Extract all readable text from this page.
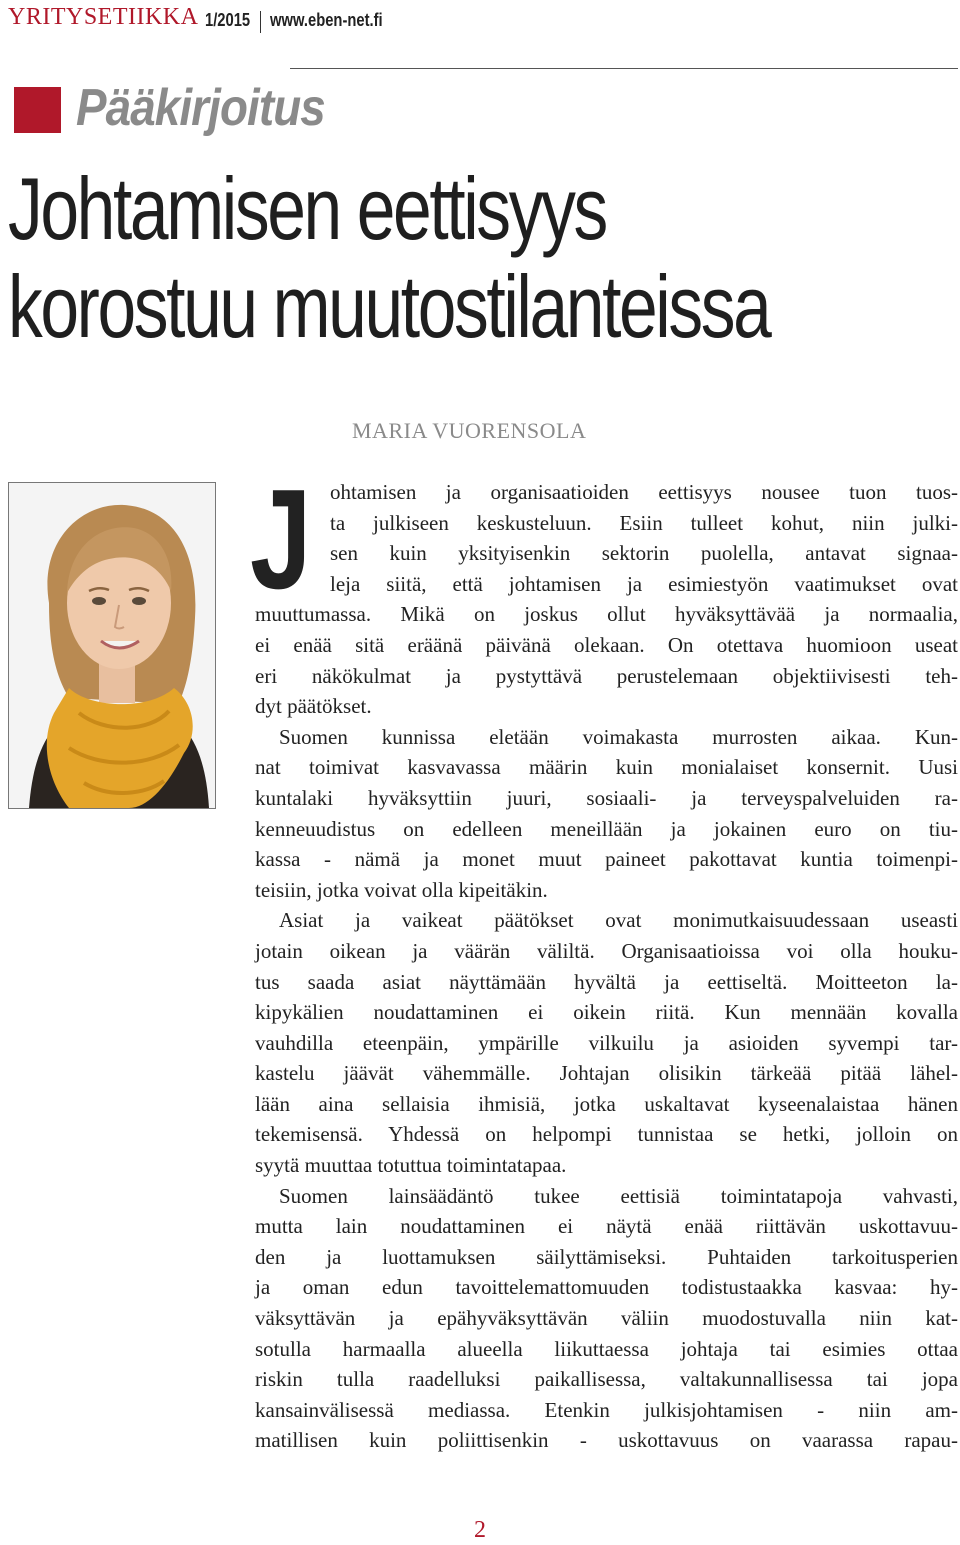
YRITYSETIIKKA 1/2015 www.eben-net.fi
Pääkirjoitus
Johtamisen eettisyys
korostuu muutostilanteissa
MARIA VUORENSOLA
J ohtamisen ja organisaatioiden eettisyys nousee tuon tuos-
ta julkiseen keskusteluun. Esiin tulleet kohut, niin julki-
sen kuin yksityisenkin sektorin puolella, antavat signaa-
leja siitä, että johtamisen ja esimiestyön vaatimukset ovat
muuttumassa. Mikä on joskus ollut hyväksyttävää ja normaalia,
ei enää sitä eräänä päivänä olekaan. On otettava huomioon useat
eri näkökulmat ja pystyttävä perustelemaan objektiivisesti teh-
dyt päätökset.
Suomen kunnissa eletään voimakasta murrosten aikaa. Kun-
nat toimivat kasvavassa määrin kuin monialaiset konsernit. Uusi
kuntalaki hyväksyttiin juuri, sosiaali- ja terveyspalveluiden ra-
kenneuudistus on edelleen meneillään ja jokainen euro on tiu-
kassa - nämä ja monet muut paineet pakottavat kuntia toimenpi-
teisiin, jotka voivat olla kipeitäkin.
Asiat ja vaikeat päätökset ovat monimutkaisuudessaan useasti
jotain oikean ja väärän väliltä. Organisaatioissa voi olla houku-
tus saada asiat näyttämään hyvältä ja eettiseltä. Moitteeton la-
kipykälien noudattaminen ei oikein riitä. Kun mennään kovalla
vauhdilla eteenpäin, ympärille vilkuilu ja asioiden syvempi tar-
kastelu jäävät vähemmälle. Johtajan olisikin tärkeää pitää lähel-
lään aina sellaisia ihmisiä, jotka uskaltavat kyseenalaistaa hänen
tekemisensä. Yhdessä on helpompi tunnistaa se hetki, jolloin on
syytä muuttaa totuttua toimintatapaa.
Suomen lainsäädäntö tukee eettisiä toimintatapoja vahvasti,
mutta lain noudattaminen ei näytä enää riittävän uskottavuu-
den ja luottamuksen säilyttämiseksi. Puhtaiden tarkoitusperien
ja oman edun tavoittelemattomuuden todistustaakka kasvaa: hy-
väksyttävän ja epähyväksyttävän väliin muodostuvalla niin kat-
sotulla harmaalla alueella liikuttaessa johtaja tai esimies ottaa
riskin tulla raadelluksi paikallisessa, valtakunnallisessa tai jopa
kansainvälisessä mediassa. Etenkin julkisjohtamisen - niin am-
matillisen kuin poliittisenkin - uskottavuus on vaarassa rapau-
2
